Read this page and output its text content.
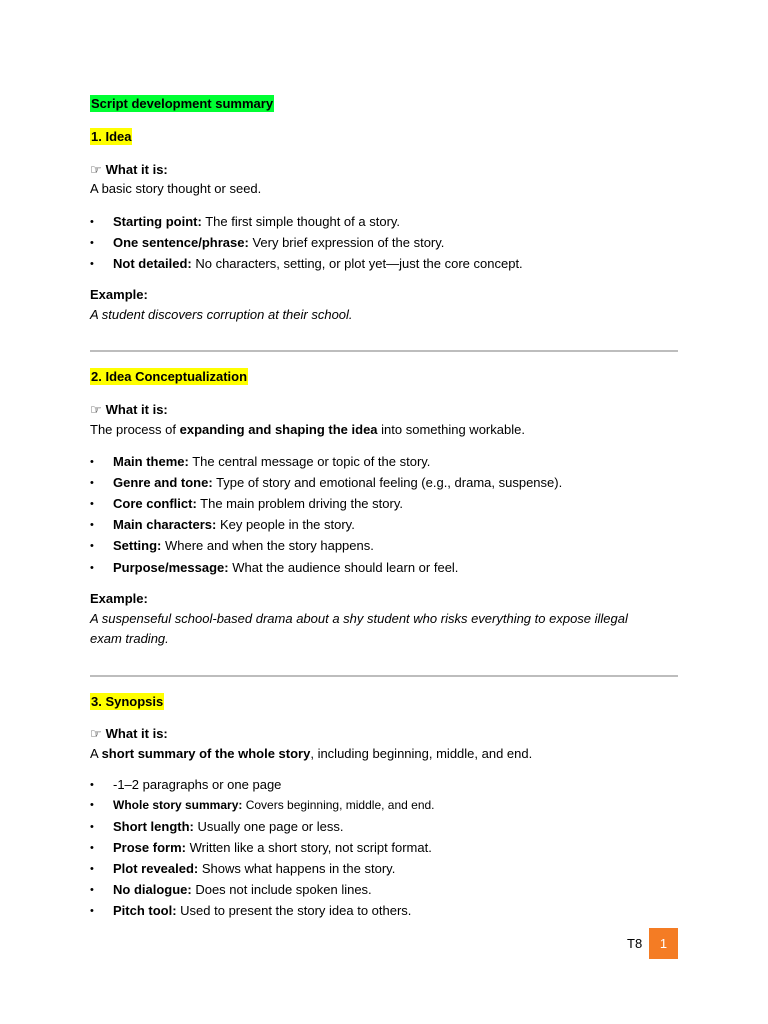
Script development summary
1. Idea
☞ What it is:
A basic story thought or seed.
• Starting point: The first simple thought of a story.
• One sentence/phrase: Very brief expression of the story.
• Not detailed: No characters, setting, or plot yet—just the core concept.
Example:
A student discovers corruption at their school.
2. Idea Conceptualization
☞ What it is:
The process of expanding and shaping the idea into something workable.
• Main theme: The central message or topic of the story.
• Genre and tone: Type of story and emotional feeling (e.g., drama, suspense).
• Core conflict: The main problem driving the story.
• Main characters: Key people in the story.
• Setting: Where and when the story happens.
• Purpose/message: What the audience should learn or feel.
Example:
A suspenseful school-based drama about a shy student who risks everything to expose illegal
exam trading.
3. Synopsis
☞ What it is:
A short summary of the whole story, including beginning, middle, and end.
• -1–2 paragraphs or one page
• Whole story summary: Covers beginning, middle, and end.
• Short length: Usually one page or less.
• Prose form: Written like a short story, not script format.
• Plot revealed: Shows what happens in the story.
• No dialogue: Does not include spoken lines.
• Pitch tool: Used to present the story idea to others.
T8	1
